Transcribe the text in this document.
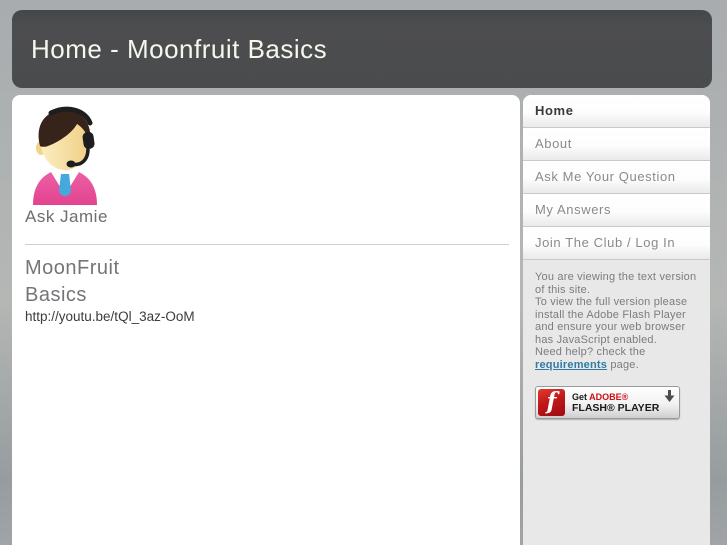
Home - Moonfruit Basics
Ask Jamie
MoonFruit
Basics
http://youtu.be/tQl_3az-OoM
Home
About
Ask Me Your Question
My Answers
Join The Club / Log In

You are viewing the text version of this site.

To view the full version please install the Adobe Flash Player and ensure your web browser has JavaScript enabled.

Need help? check the requirements page.

f Get ADOBE®
FLASH® PLAYER
